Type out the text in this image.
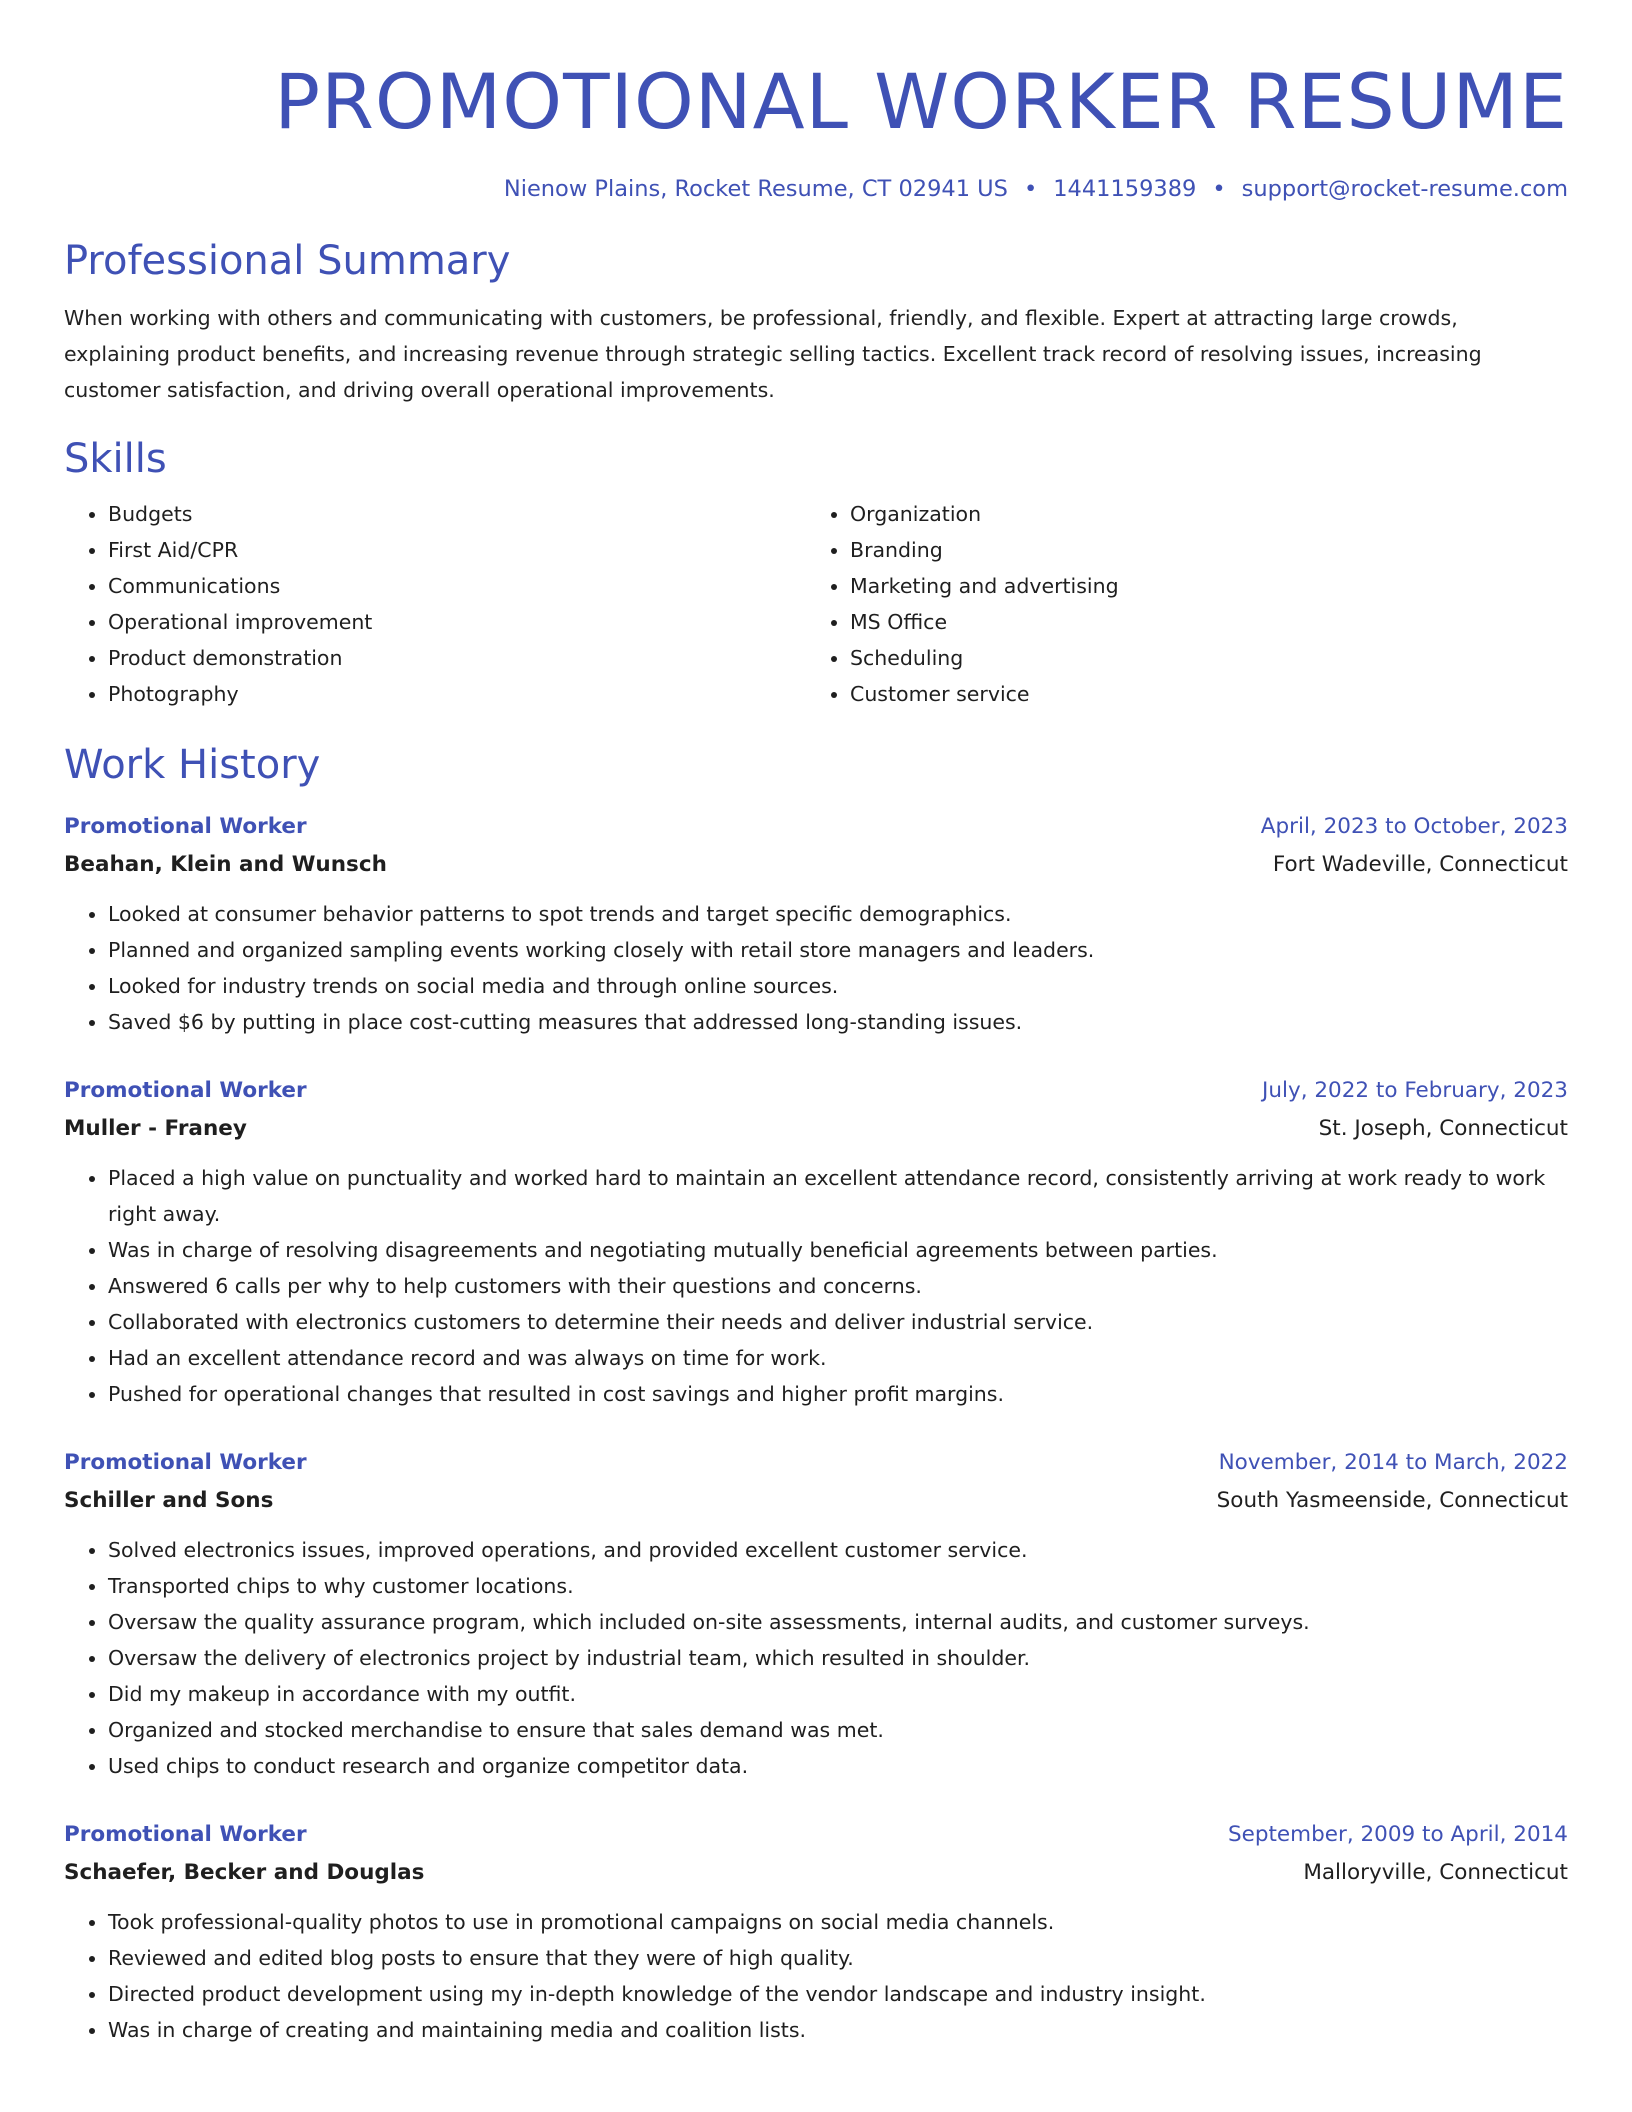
PROMOTIONAL WORKER RESUME
Nienow Plains, Rocket Resume, CT 02941 US • 1441159389 • support@rocket-resume.com
Professional Summary
When working with others and communicating with customers, be professional, friendly, and flexible. Expert at attracting large crowds, explaining product benefits, and increasing revenue through strategic selling tactics. Excellent track record of resolving issues, increasing customer satisfaction, and driving overall operational improvements.
Skills
• Budgets
• First Aid/CPR
• Communications
• Operational improvement
• Product demonstration
• Photography
• Organization
• Branding
• Marketing and advertising
• MS Office
• Scheduling
• Customer service
Work History
Promotional Worker	April, 2023 to October, 2023
Beahan, Klein and Wunsch	Fort Wadeville, Connecticut
• Looked at consumer behavior patterns to spot trends and target specific demographics.
• Planned and organized sampling events working closely with retail store managers and leaders.
• Looked for industry trends on social media and through online sources.
• Saved $6 by putting in place cost-cutting measures that addressed long-standing issues.
Promotional Worker	July, 2022 to February, 2023
Muller - Franey	St. Joseph, Connecticut
• Placed a high value on punctuality and worked hard to maintain an excellent attendance record, consistently arriving at work ready to work right away.
• Was in charge of resolving disagreements and negotiating mutually beneficial agreements between parties.
• Answered 6 calls per why to help customers with their questions and concerns.
• Collaborated with electronics customers to determine their needs and deliver industrial service.
• Had an excellent attendance record and was always on time for work.
• Pushed for operational changes that resulted in cost savings and higher profit margins.
Promotional Worker	November, 2014 to March, 2022
Schiller and Sons	South Yasmeenside, Connecticut
• Solved electronics issues, improved operations, and provided excellent customer service.
• Transported chips to why customer locations.
• Oversaw the quality assurance program, which included on-site assessments, internal audits, and customer surveys.
• Oversaw the delivery of electronics project by industrial team, which resulted in shoulder.
• Did my makeup in accordance with my outfit.
• Organized and stocked merchandise to ensure that sales demand was met.
• Used chips to conduct research and organize competitor data.
Promotional Worker	September, 2009 to April, 2014
Schaefer, Becker and Douglas	Malloryville, Connecticut
• Took professional-quality photos to use in promotional campaigns on social media channels.
• Reviewed and edited blog posts to ensure that they were of high quality.
• Directed product development using my in-depth knowledge of the vendor landscape and industry insight.
• Was in charge of creating and maintaining media and coalition lists.
